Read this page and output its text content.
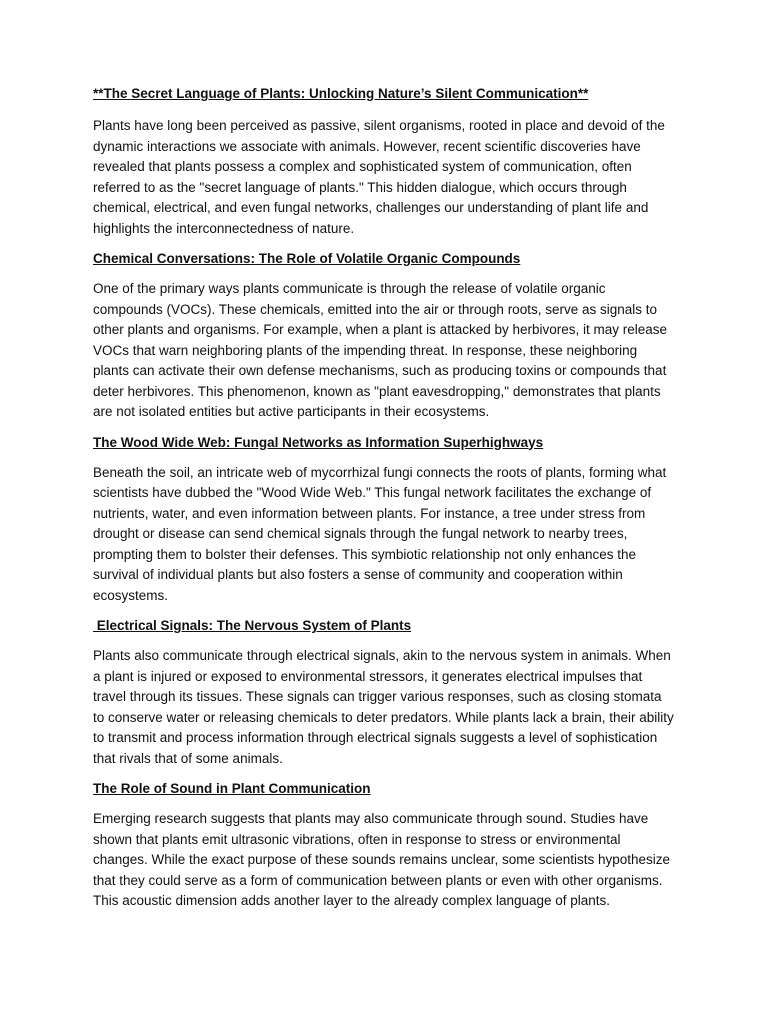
**The Secret Language of Plants: Unlocking Nature’s Silent Communication**

Plants have long been perceived as passive, silent organisms, rooted in place and devoid of the dynamic interactions we associate with animals. However, recent scientific discoveries have revealed that plants possess a complex and sophisticated system of communication, often referred to as the "secret language of plants." This hidden dialogue, which occurs through chemical, electrical, and even fungal networks, challenges our understanding of plant life and highlights the interconnectedness of nature.

Chemical Conversations: The Role of Volatile Organic Compounds

One of the primary ways plants communicate is through the release of volatile organic compounds (VOCs). These chemicals, emitted into the air or through roots, serve as signals to other plants and organisms. For example, when a plant is attacked by herbivores, it may release VOCs that warn neighboring plants of the impending threat. In response, these neighboring plants can activate their own defense mechanisms, such as producing toxins or compounds that deter herbivores. This phenomenon, known as "plant eavesdropping," demonstrates that plants are not isolated entities but active participants in their ecosystems.

The Wood Wide Web: Fungal Networks as Information Superhighways

Beneath the soil, an intricate web of mycorrhizal fungi connects the roots of plants, forming what scientists have dubbed the "Wood Wide Web." This fungal network facilitates the exchange of nutrients, water, and even information between plants. For instance, a tree under stress from drought or disease can send chemical signals through the fungal network to nearby trees, prompting them to bolster their defenses. This symbiotic relationship not only enhances the survival of individual plants but also fosters a sense of community and cooperation within ecosystems.

Electrical Signals: The Nervous System of Plants

Plants also communicate through electrical signals, akin to the nervous system in animals. When a plant is injured or exposed to environmental stressors, it generates electrical impulses that travel through its tissues. These signals can trigger various responses, such as closing stomata to conserve water or releasing chemicals to deter predators. While plants lack a brain, their ability to transmit and process information through electrical signals suggests a level of sophistication that rivals that of some animals.

The Role of Sound in Plant Communication

Emerging research suggests that plants may also communicate through sound. Studies have shown that plants emit ultrasonic vibrations, often in response to stress or environmental changes. While the exact purpose of these sounds remains unclear, some scientists hypothesize that they could serve as a form of communication between plants or even with other organisms. This acoustic dimension adds another layer to the already complex language of plants.
